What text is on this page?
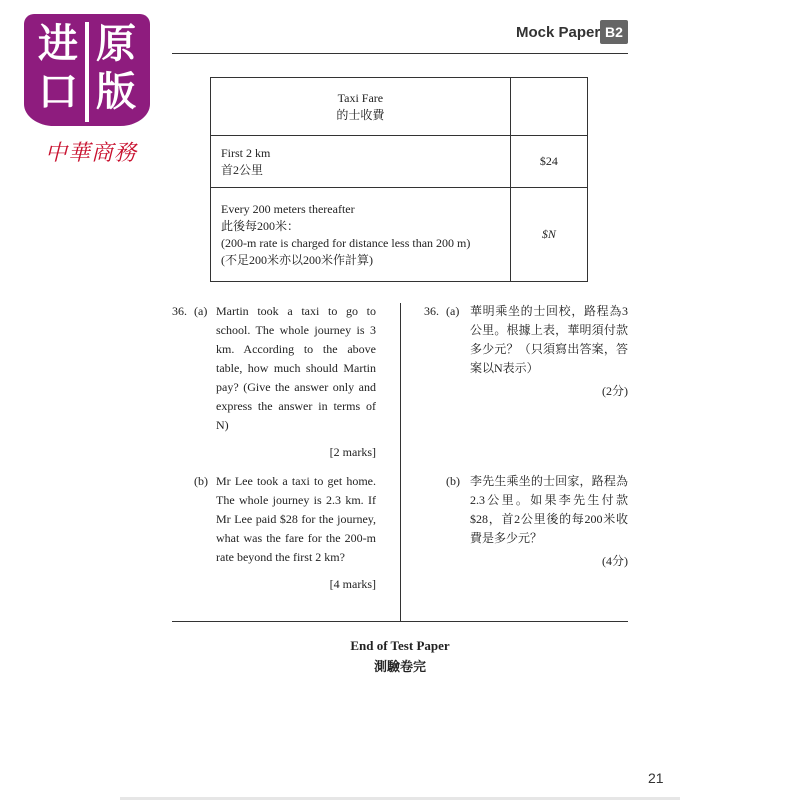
进 原
口 版
中華商務
Mock Paper B2
Taxi Fare
的士收費	

First 2 km
首2公里	$24

Every 200 meters thereafter
此後每200米：
(200-m rate is charged for distance less than 200 m)
(不足200米亦以200米作計算)	$N
36. (a) Martin took a taxi to go to school. The whole journey is 3 km. According to the above table, how much should Martin pay? (Give the answer only and express the answer in terms of N)
[2 marks]
(b) Mr Lee took a taxi to get home. The whole journey is 2.3 km. If Mr Lee paid $28 for the journey, what was the fare for the 200-m rate beyond the first 2 km?
[4 marks]
36. (a) 華明乘坐的士回校，路程為3公里。根據上表，華明須付款多少元？（只須寫出答案，答案以N表示）
(2分)
(b) 李先生乘坐的士回家，路程為2.3公里。如果李先生付款$28，首2公里後的每200米收費是多少元？
(4分)
End of Test Paper
測驗卷完
21
